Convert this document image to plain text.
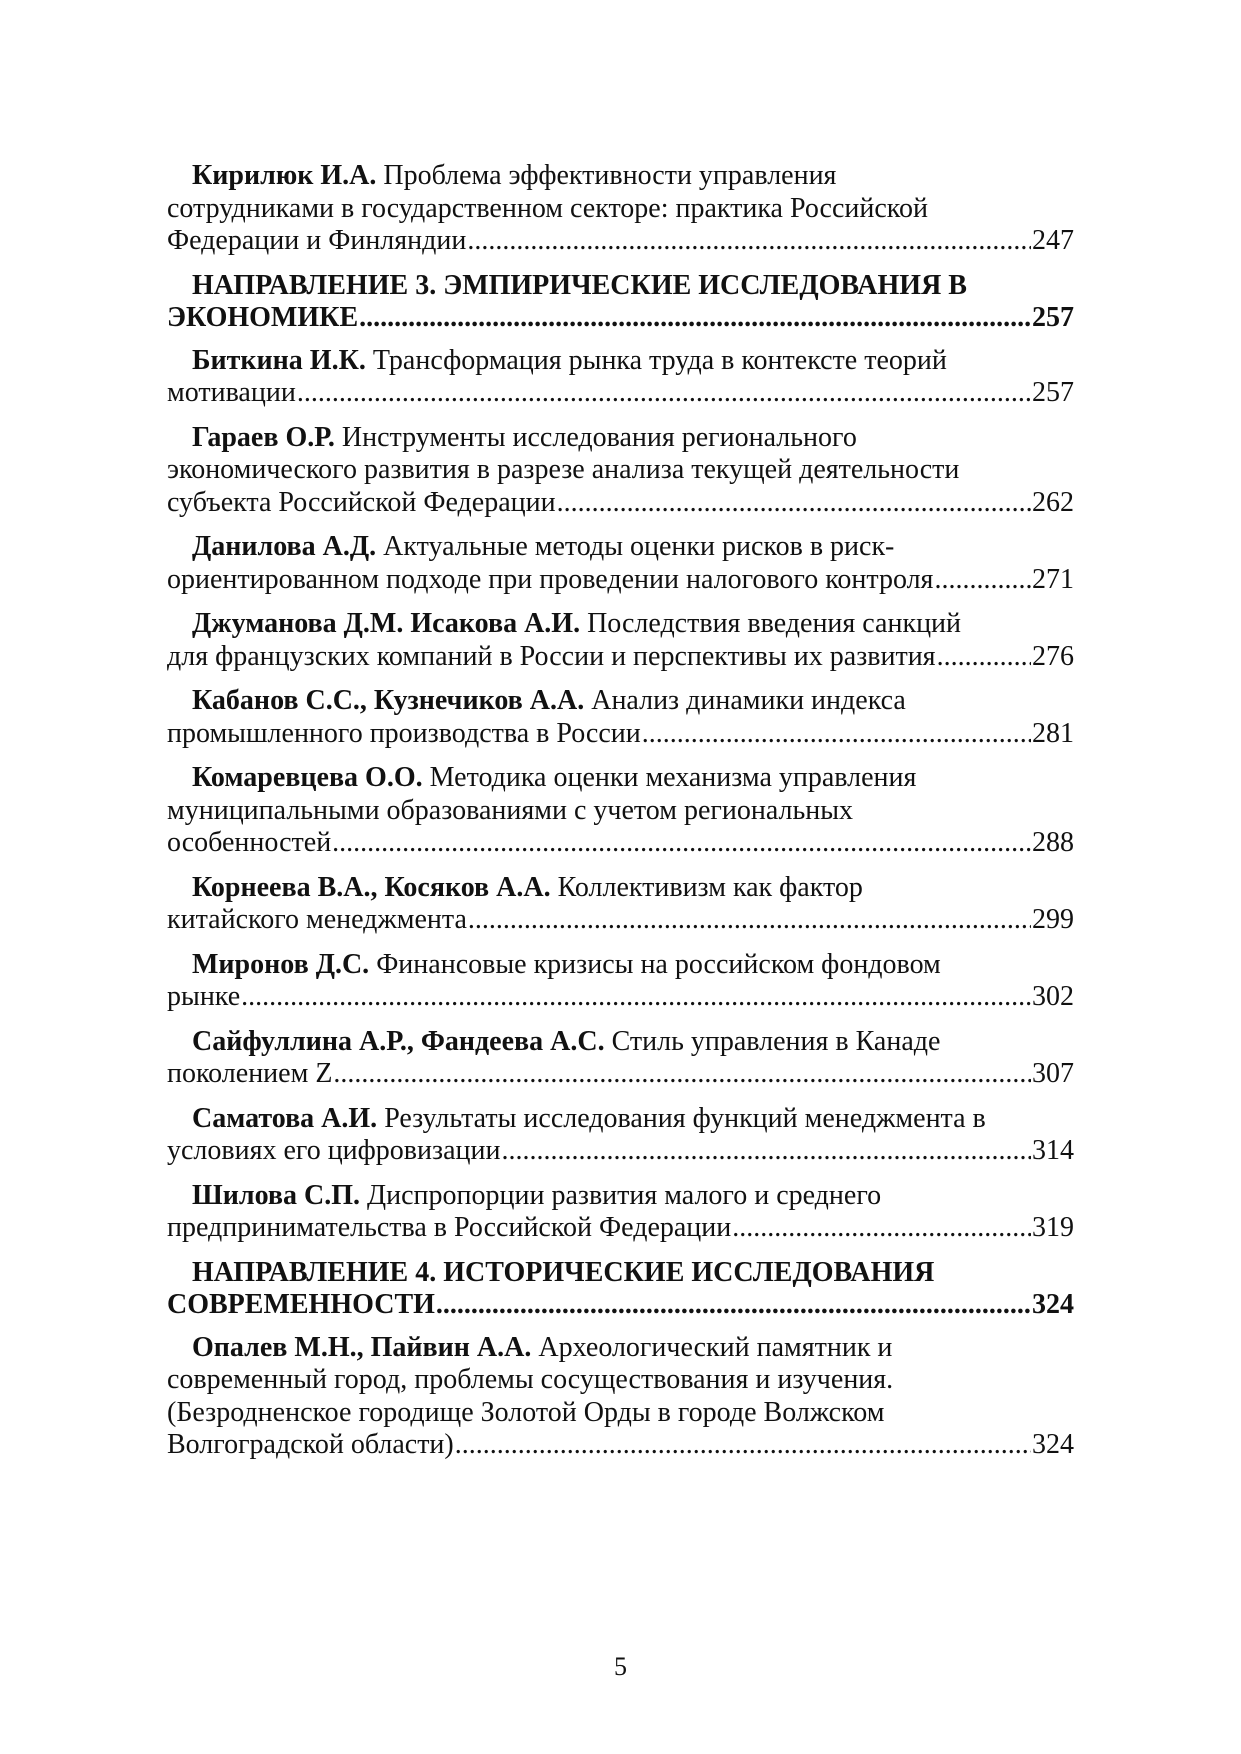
Кирилюк И.А. Проблема эффективности управления
сотрудниками в государственном секторе: практика Российской
Федерации и Финляндии .....	247
НАПРАВЛЕНИЕ 3. ЭМПИРИЧЕСКИЕ ИССЛЕДОВАНИЯ В
ЭКОНОМИКЕ .....	257
Биткина И.К. Трансформация рынка труда в контексте теорий
мотивации .....	257
Гараев О.Р. Инструменты исследования регионального
экономического развития в разрезе анализа текущей деятельности
субъекта Российской Федерации .....	262
Данилова А.Д. Актуальные методы оценки рисков в риск-
ориентированном подходе при проведении налогового контроля .....	271
Джуманова Д.М. Исакова А.И. Последствия введения санкций
для французских компаний в России и перспективы их развития .....	276
Кабанов С.С., Кузнечиков А.А. Анализ динамики индекса
промышленного производства в России .....	281
Комаревцева О.О. Методика оценки механизма управления
муниципальными образованиями с учетом региональных
особенностей .....	288
Корнеева В.А., Косяков А.А. Коллективизм как фактор
китайского менеджмента .....	299
Миронов Д.С. Финансовые кризисы на российском фондовом
рынке .....	302
Сайфуллина А.Р., Фандеева А.С. Стиль управления в Канаде
поколением Z .....	307
Саматова А.И. Результаты исследования функций менеджмента в
условиях его цифровизации .....	314
Шилова С.П. Диспропорции развития малого и среднего
предпринимательства в Российской Федерации .....	319
НАПРАВЛЕНИЕ 4. ИСТОРИЧЕСКИЕ ИССЛЕДОВАНИЯ
СОВРЕМЕННОСТИ .....	324
Опалев М.Н., Пайвин А.А. Археологический памятник и
современный город, проблемы сосуществования и изучения.
(Безродненское городище Золотой Орды в городе Волжском
Волгоградской области) .....	324
5
